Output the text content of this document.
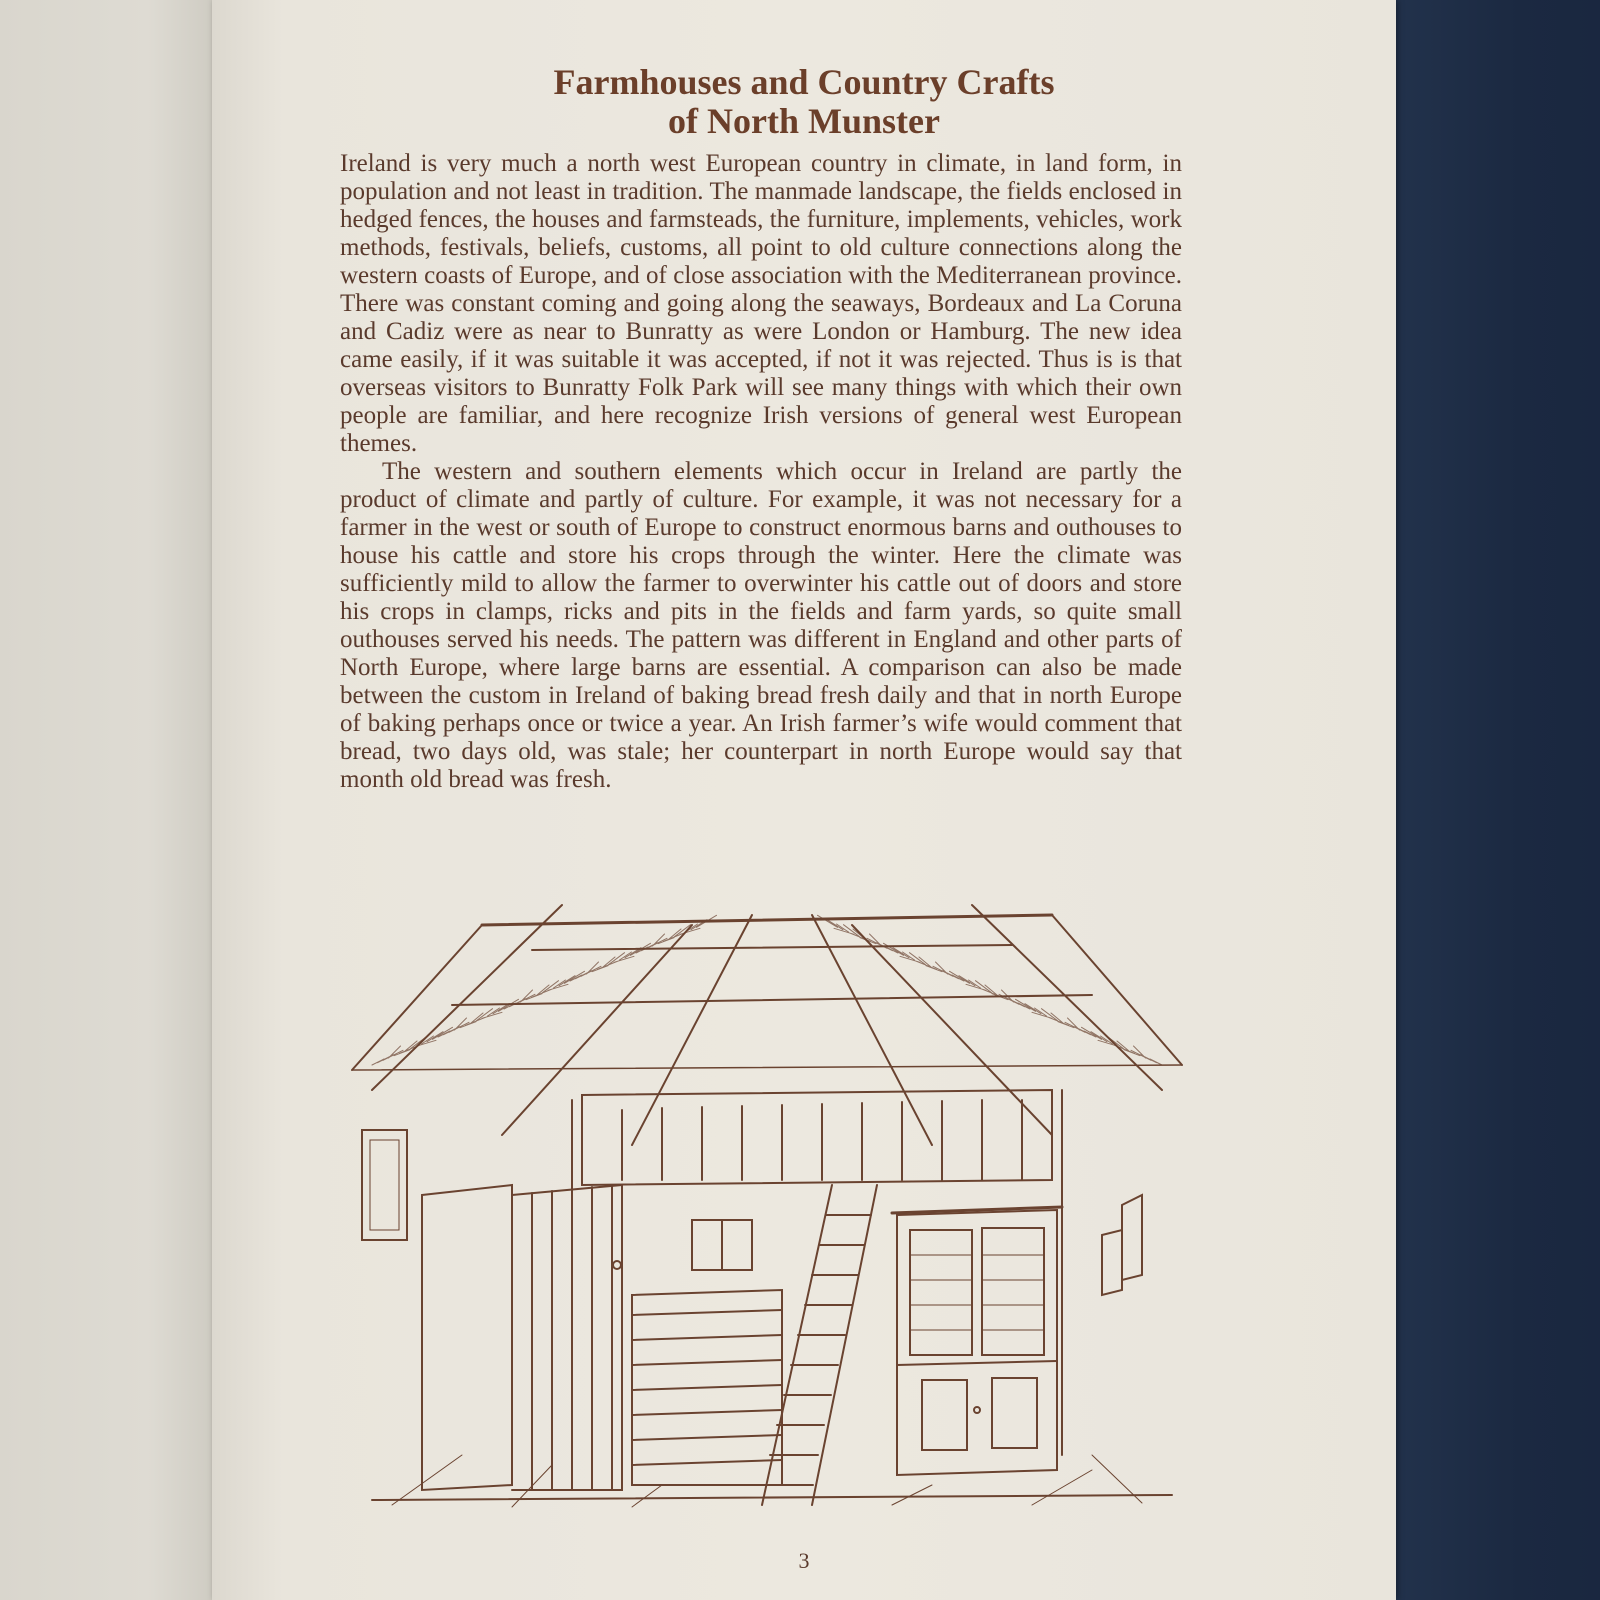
Farmhouses and Country Crafts
of North Munster

Ireland is very much a north west European country in climate, in land form, in population and not least in tradition. The manmade landscape, the fields enclosed in hedged fences, the houses and farmsteads, the furniture, implements, vehicles, work methods, festivals, beliefs, customs, all point to old culture connections along the western coasts of Europe, and of close association with the Mediterranean province. There was constant coming and going along the seaways, Bordeaux and La Coruna and Cadiz were as near to Bunratty as were London or Hamburg. The new idea came easily, if it was suitable it was accepted, if not it was rejected. Thus is is that overseas visitors to Bunratty Folk Park will see many things with which their own people are familiar, and here recognize Irish versions of general west European themes.

The western and southern elements which occur in Ireland are partly the product of climate and partly of culture. For example, it was not necessary for a farmer in the west or south of Europe to construct enormous barns and outhouses to house his cattle and store his crops through the winter. Here the climate was sufficiently mild to allow the farmer to overwinter his cattle out of doors and store his crops in clamps, ricks and pits in the fields and farm yards, so quite small outhouses served his needs. The pattern was different in England and other parts of North Europe, where large barns are essential. A comparison can also be made between the custom in Ireland of baking bread fresh daily and that in north Europe of baking perhaps once or twice a year. An Irish farmer’s wife would comment that bread, two days old, was stale; her counterpart in north Europe would say that month old bread was fresh.

3
